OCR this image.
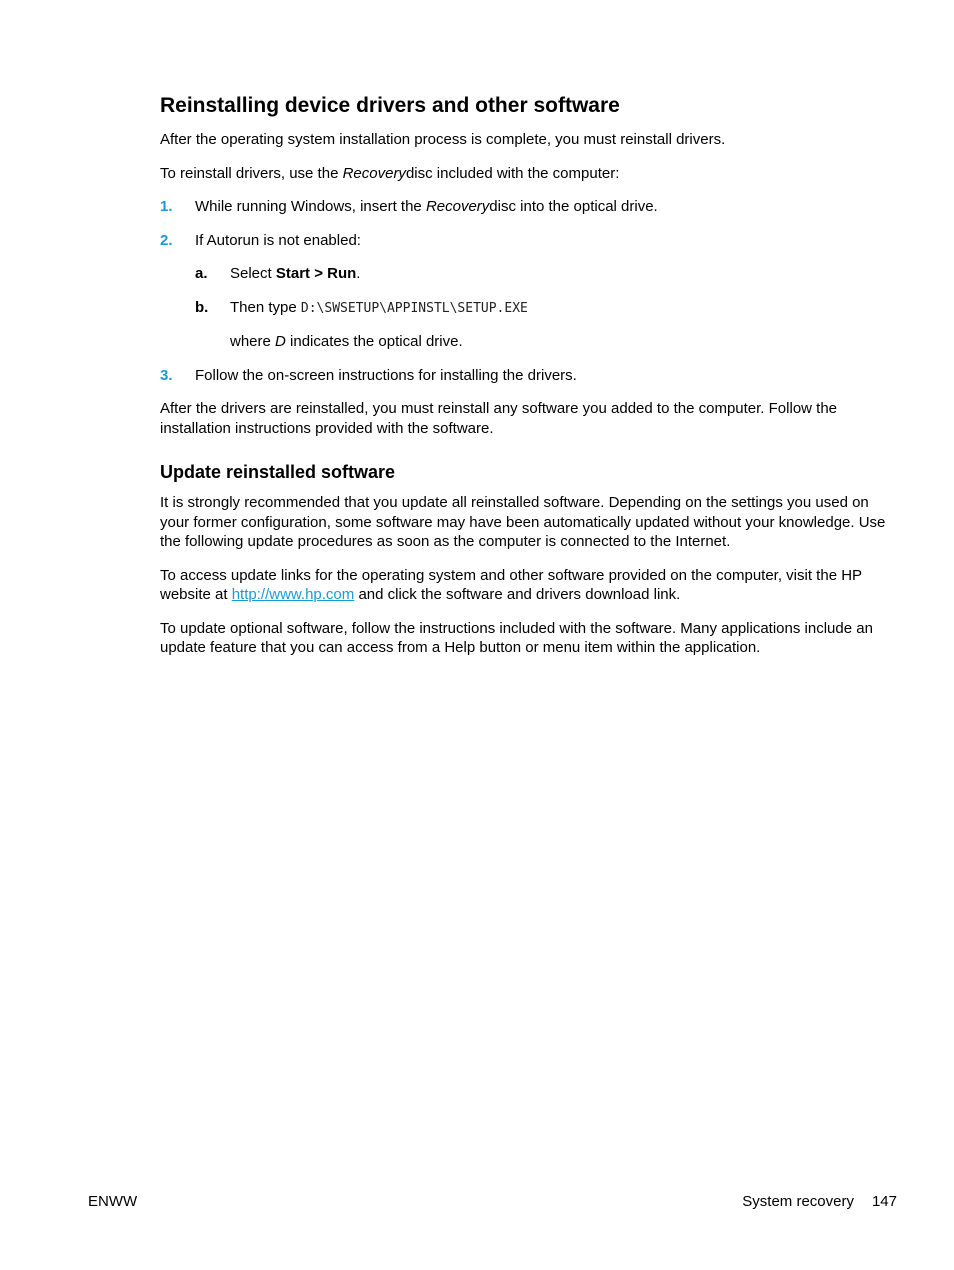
Reinstalling device drivers and other software

After the operating system installation process is complete, you must reinstall drivers.

To reinstall drivers, use the Recoverydisc included with the computer:

1. While running Windows, insert the Recoverydisc into the optical drive.
2. If Autorun is not enabled:
a. Select Start > Run.
b. Then type D:\SWSETUP\APPINSTL\SETUP.EXE
where D indicates the optical drive.
3. Follow the on-screen instructions for installing the drivers.

After the drivers are reinstalled, you must reinstall any software you added to the computer. Follow the installation instructions provided with the software.

Update reinstalled software

It is strongly recommended that you update all reinstalled software. Depending on the settings you used on your former configuration, some software may have been automatically updated without your knowledge. Use the following update procedures as soon as the computer is connected to the Internet.

To access update links for the operating system and other software provided on the computer, visit the HP website at http://www.hp.com and click the software and drivers download link.

To update optional software, follow the instructions included with the software. Many applications include an update feature that you can access from a Help button or menu item within the application.

ENWW	System recovery 147
